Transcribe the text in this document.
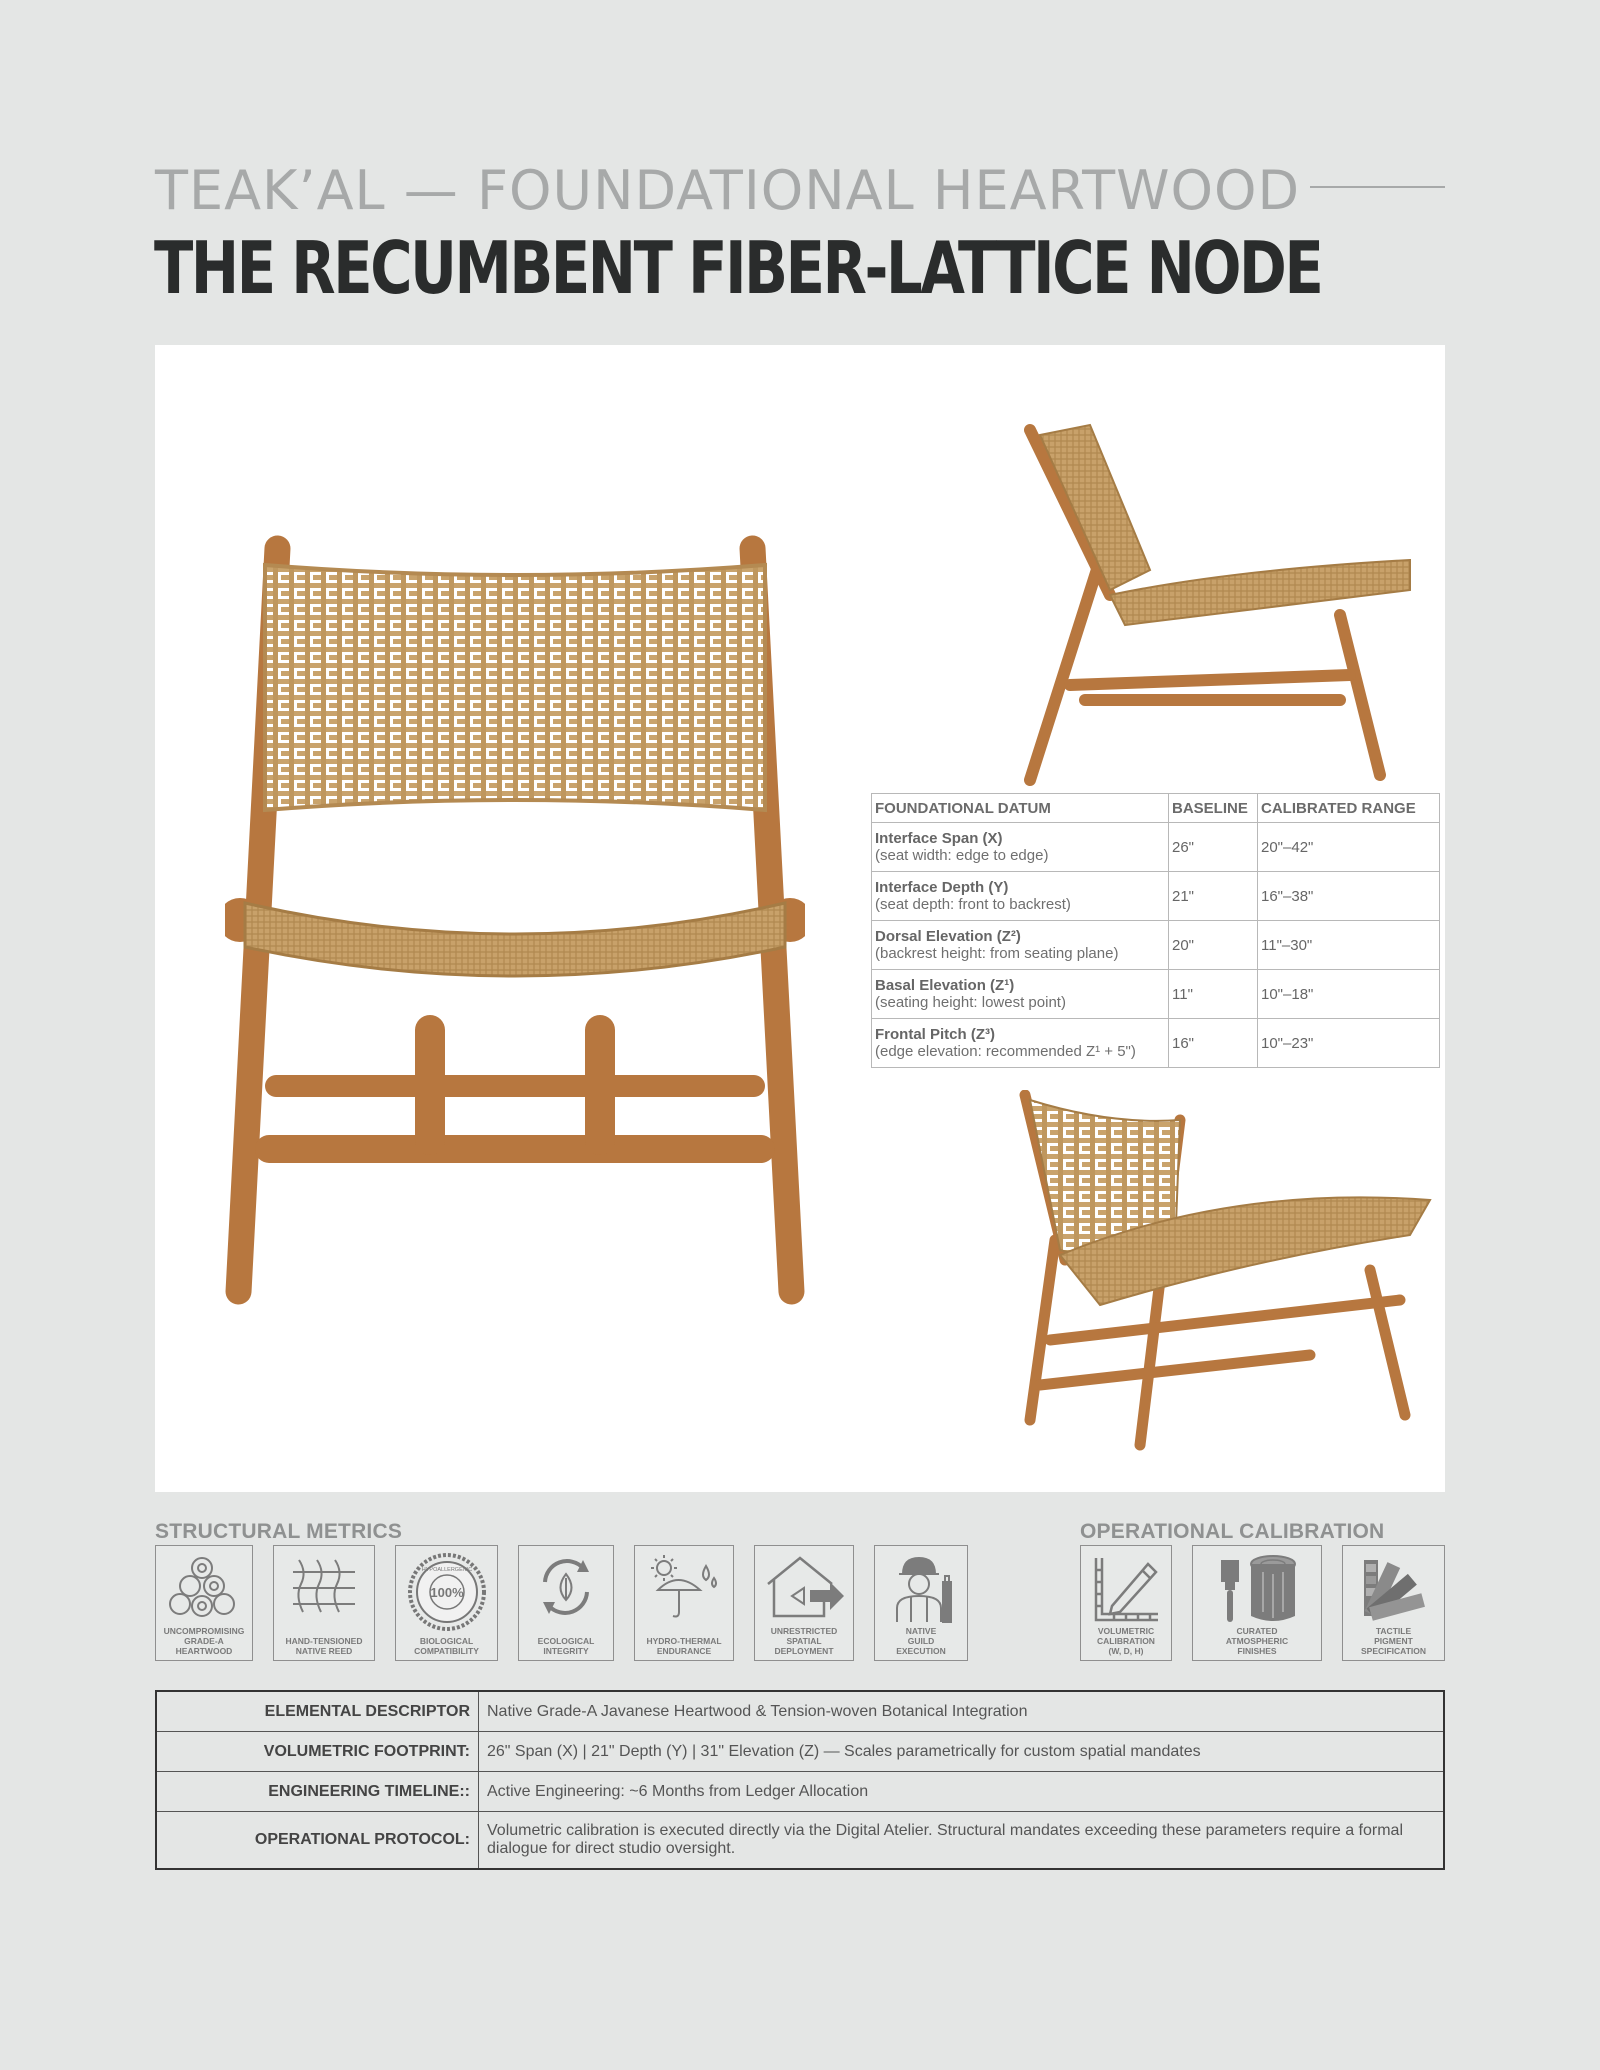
TEAK’AL — FOUNDATIONAL HEARTWOOD
THE RECUMBENT FIBER-LATTICE NODE
FOUNDATIONAL DATUM	BASELINE	CALIBRATED RANGE

Interface Span (X)
(seat width: edge to edge)	26"	20"–42"

Interface Depth (Y)
(seat depth: front to backrest)	21"	16"–38"

Dorsal Elevation (Z²)
(backrest height: from seating plane)	20"	11"–30"

Basal Elevation (Z¹)
(seating height: lowest point)	11"	10"–18"

Frontal Pitch (Z³)
(edge elevation: recommended Z¹ + 5")	16"	10"–23"
STRUCTURAL METRICS
UNCOMPROMISING
GRADE-A
HEARTWOOD
HAND-TENSIONED
NATIVE REED
100%
HYPOALLERGENIC
BIOLOGICAL
COMPATIBILITY
ECOLOGICAL
INTEGRITY
HYDRO-THERMAL
ENDURANCE
UNRESTRICTED
SPATIAL
DEPLOYMENT
NATIVE
GUILD
EXECUTION
OPERATIONAL CALIBRATION
VOLUMETRIC
CALIBRATION
(W, D, H)
CURATED
ATMOSPHERIC
FINISHES
TACTILE
PIGMENT
SPECIFICATION
ELEMENTAL DESCRIPTOR	Native Grade-A Javanese Heartwood & Tension-woven Botanical Integration
VOLUMETRIC FOOTPRINT:	26" Span (X) | 21" Depth (Y) | 31" Elevation (Z) — Scales parametrically for custom spatial mandates
ENGINEERING TIMELINE::	Active Engineering: ~6 Months from Ledger Allocation
OPERATIONAL PROTOCOL:	Volumetric calibration is executed directly via the Digital Atelier. Structural mandates exceeding these parameters require a formal dialogue for direct studio oversight.
